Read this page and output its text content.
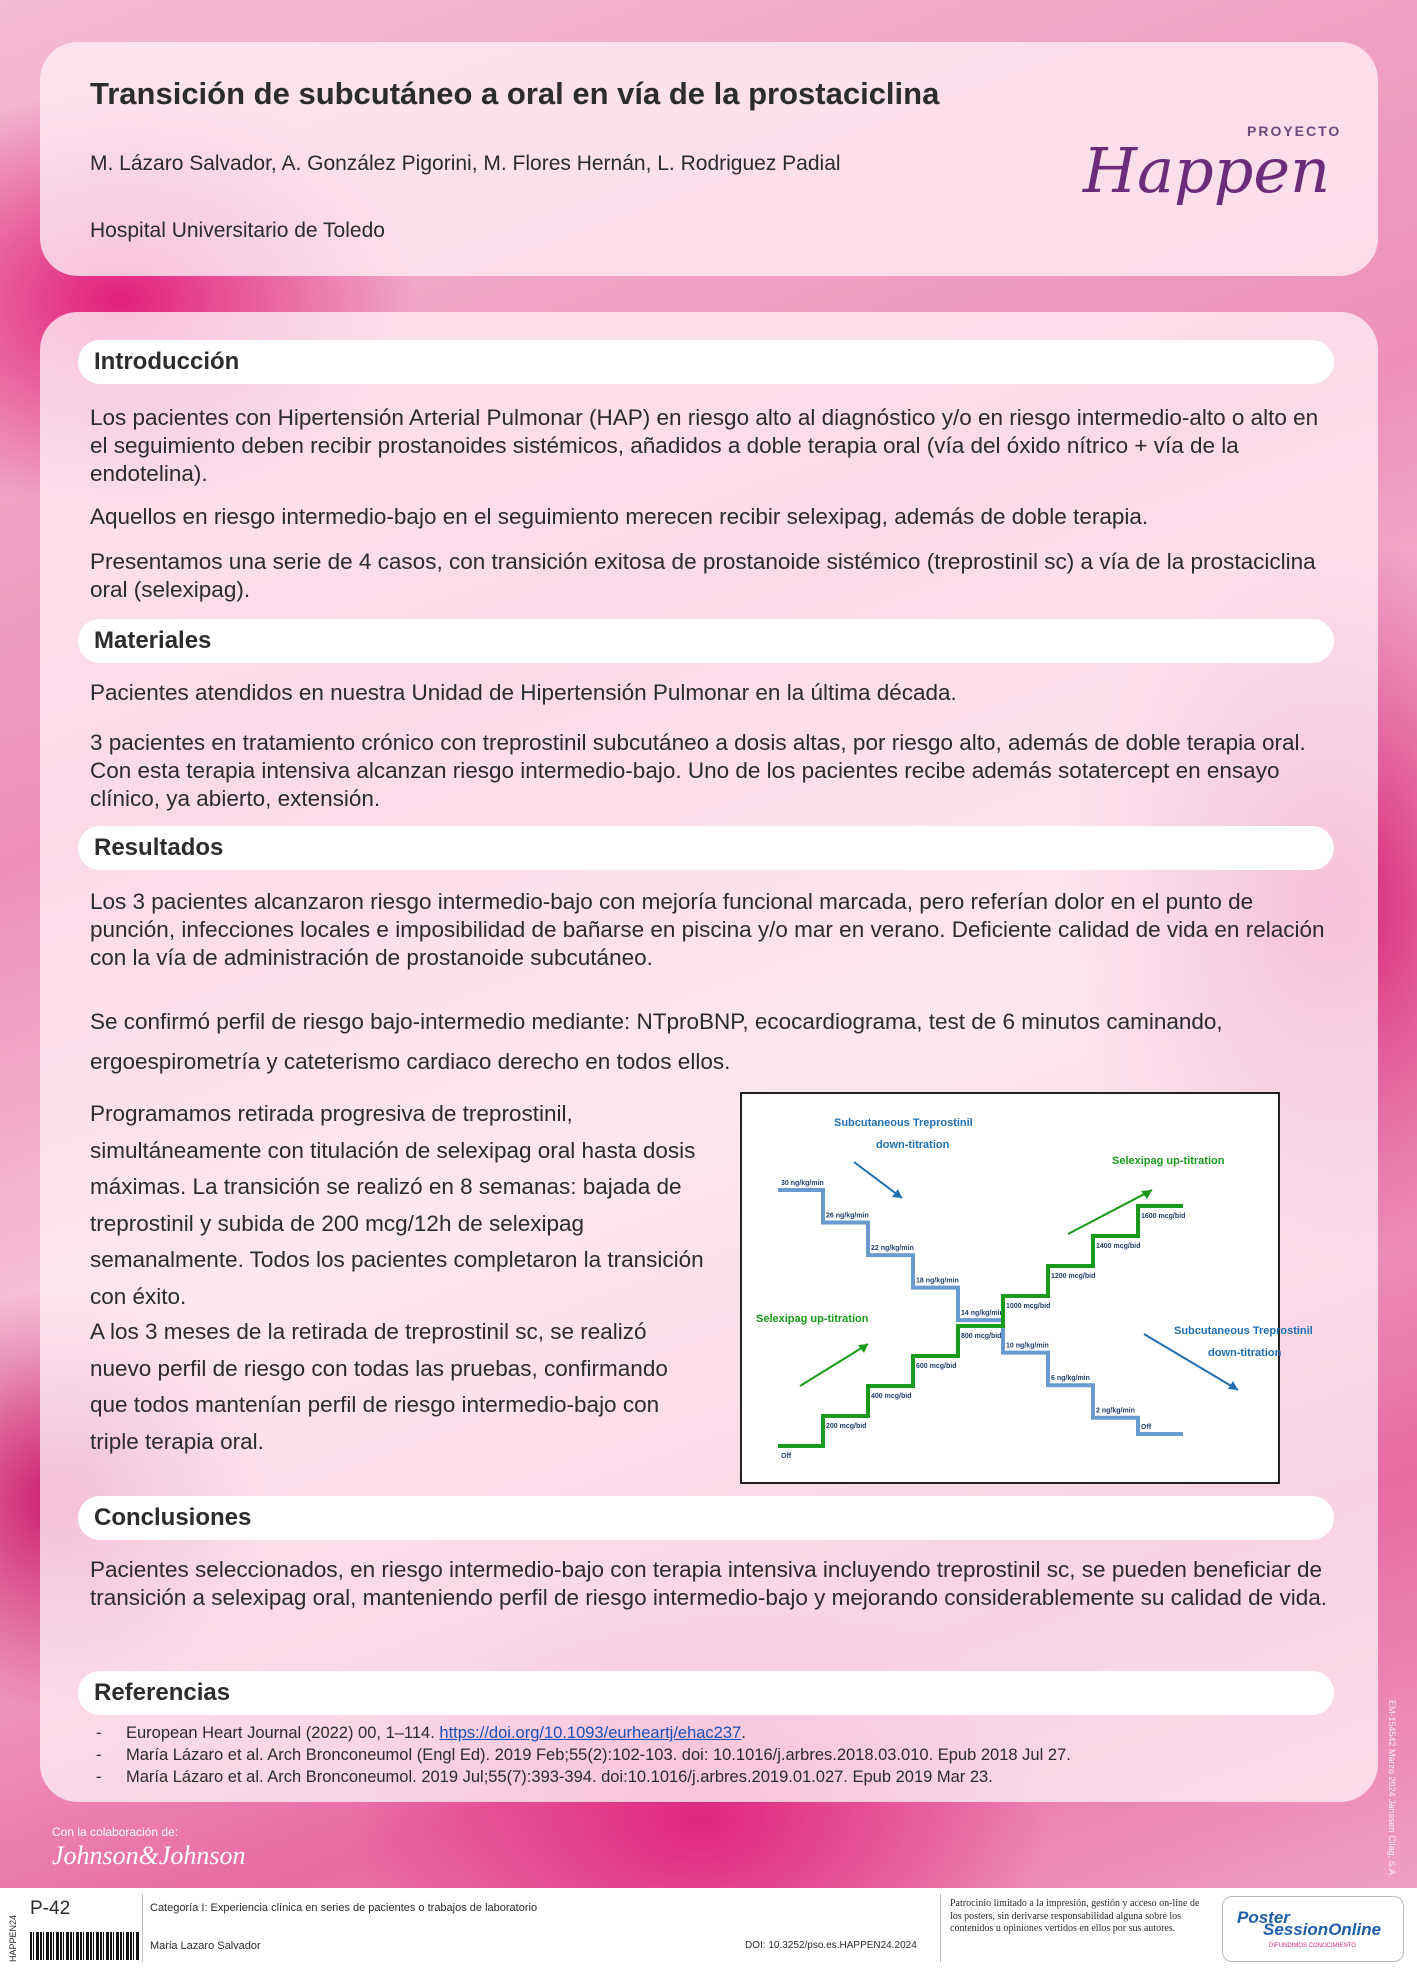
Transición de subcutáneo a oral en vía de la prostaciclina
M. Lázaro Salvador, A. González Pigorini, M. Flores Hernán, L. Rodriguez Padial
Hospital Universitario de Toledo
PROYECTO
Happen
Introducción

Los pacientes con Hipertensión Arterial Pulmonar (HAP) en riesgo alto al diagnóstico y/o en riesgo intermedio-alto o alto en el seguimiento deben recibir prostanoides sistémicos, añadidos a doble terapia oral (vía del óxido nítrico + vía de la endotelina).

Aquellos en riesgo intermedio-bajo en el seguimiento merecen recibir selexipag, además de doble terapia.

Presentamos una serie de 4 casos, con transición exitosa de prostanoide sistémico (treprostinil sc) a vía de la prostaciclina oral (selexipag).

Materiales

Pacientes atendidos en nuestra Unidad de Hipertensión Pulmonar en la última década.

3 pacientes en tratamiento crónico con treprostinil subcutáneo a dosis altas, por riesgo alto, además de doble terapia oral. Con esta terapia intensiva alcanzan riesgo intermedio-bajo. Uno de los pacientes recibe además sotatercept en ensayo clínico, ya abierto, extensión.

Resultados

Los 3 pacientes alcanzaron riesgo intermedio-bajo con mejoría funcional marcada, pero referían dolor en el punto de punción, infecciones locales e imposibilidad de bañarse en piscina y/o mar en verano. Deficiente calidad de vida en relación con la vía de administración de prostanoide subcutáneo.

Se confirmó perfil de riesgo bajo-intermedio mediante: NTproBNP, ecocardiograma, test de 6 minutos caminando, ergoespirometría y cateterismo cardiaco derecho en todos ellos.

Programamos retirada progresiva de treprostinil, simultáneamente con titulación de selexipag oral hasta dosis máximas. La transición se realizó en 8 semanas: bajada de treprostinil y subida de 200 mcg/12h de selexipag semanalmente. Todos los pacientes completaron la transición con éxito.

A los 3 meses de la retirada de treprostinil sc, se realizó nuevo perfil de riesgo con todas las pruebas, confirmando que todos mantenían perfil de riesgo intermedio-bajo con triple terapia oral.

30 ng/kg/min
26 ng/kg/min
22 ng/kg/min
18 ng/kg/min
14 ng/kg/min
10 ng/kg/min
6 ng/kg/min
2 ng/kg/min
Off
Off
200 mcg/bid
400 mcg/bid
600 mcg/bid
800 mcg/bid
1000 mcg/bid
1200 mcg/bid
1400 mcg/bid
1600 mcg/bid
Subcutaneous Treprostinil
down-titration
Selexipag up-titration
Selexipag up-titration
Subcutaneous Treprostinil
down-titration
Conclusiones

Pacientes seleccionados, en riesgo intermedio-bajo con terapia intensiva incluyendo treprostinil sc, se pueden beneficiar de transición a selexipag oral, manteniendo perfil de riesgo intermedio-bajo y mejorando considerablemente su calidad de vida.

Referencias
- European Heart Journal (2022) 00, 1–114. https://doi.org/10.1093/eurheartj/ehac237.
- María Lázaro et al. Arch Bronconeumol (Engl Ed). 2019 Feb;55(2):102-103. doi: 10.1016/j.arbres.2018.03.010. Epub 2018 Jul 27.
- María Lázaro et al. Arch Bronconeumol. 2019 Jul;55(7):393-394. doi:10.1016/j.arbres.2019.01.027. Epub 2019 Mar 23.
Con la colaboración de:
Johnson&Johnson	EM-154542 Marzo 2024 Janssen Cilag, S.A.
HAPPEN24
P-42	Categoría I: Experiencia clínica en series de pacientes o trabajos de laboratorio
Maria Lazaro Salvador	DOI: 10.3252/pso.es.HAPPEN24.2024
Patrocinio limitado a la impresión, gestión y acceso on-line de los posters, sin derivarse responsabilidad alguna sobre los contenidos u opiniones vertidos en ellos por sus autores.
Poster
SessionOnline
DIFUNDIMOS CONOCIMIENTO
